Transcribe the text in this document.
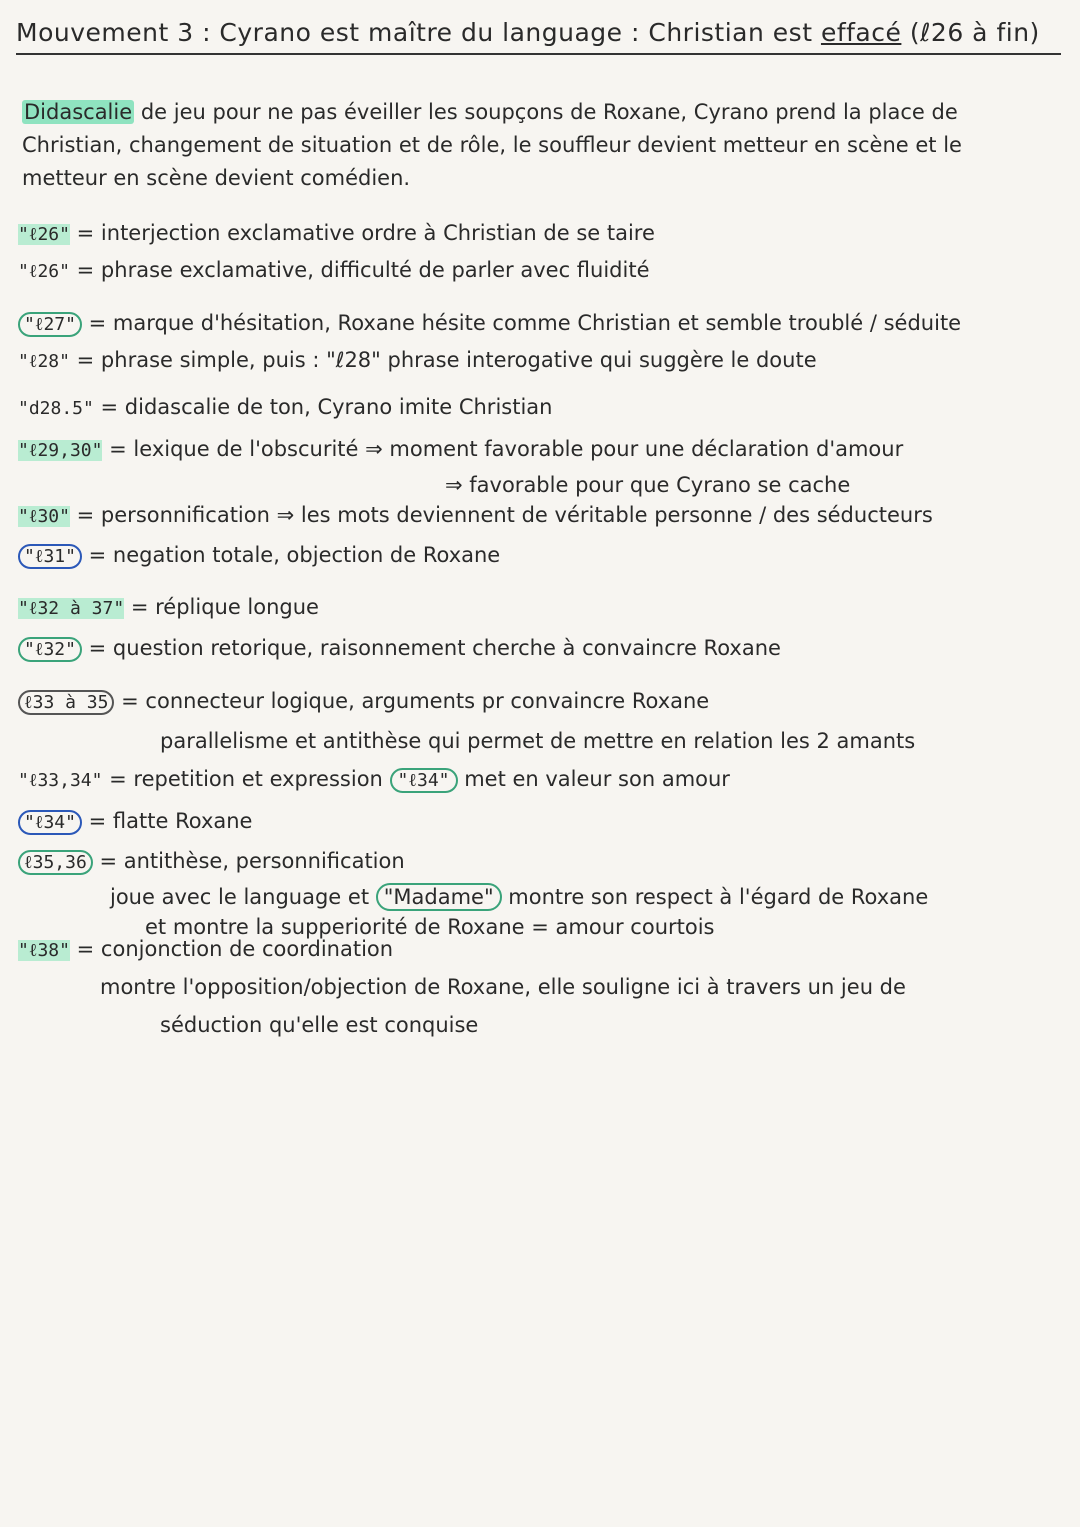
Mouvement 3 : Cyrano est maître du language : Christian est effacé (ℓ26 à fin)
Didascalie de jeu pour ne pas éveiller les soupçons de Roxane, Cyrano prend la place de Christian, changement de situation et de rôle, le souffleur devient metteur en scène et le metteur en scène devient comédien.
"ℓ26" = interjection exclamative ordre à Christian de se taire
"ℓ26" = phrase exclamative, difficulté de parler avec fluidité
"ℓ27" = marque d'hésitation, Roxane hésite comme Christian et semble troublé / séduite
"ℓ28" = phrase simple, puis : "ℓ28" phrase interogative qui suggère le doute
"d28.5" = didascalie de ton, Cyrano imite Christian
"ℓ29,30" = lexique de l'obscurité ⇒ moment favorable pour une déclaration d'amour
⇒ favorable pour que Cyrano se cache
"ℓ30" = personnification ⇒ les mots deviennent de véritable personne / des séducteurs
"ℓ31" = negation totale, objection de Roxane
"ℓ32 à 37" = réplique longue
"ℓ32" = question retorique, raisonnement cherche à convaincre Roxane
ℓ33 à 35 = connecteur logique, arguments pr convaincre Roxane
parallelisme et antithèse qui permet de mettre en relation les 2 amants
"ℓ33,34" = repetition et expression "ℓ34" met en valeur son amour
"ℓ34" = flatte Roxane
ℓ35,36 = antithèse, personnification
joue avec le language et "Madame" montre son respect à l'égard de Roxane
et montre la supperiorité de Roxane = amour courtois
"ℓ38" = conjonction de coordination
montre l'opposition/objection de Roxane, elle souligne ici à travers un jeu de
séduction qu'elle est conquise
